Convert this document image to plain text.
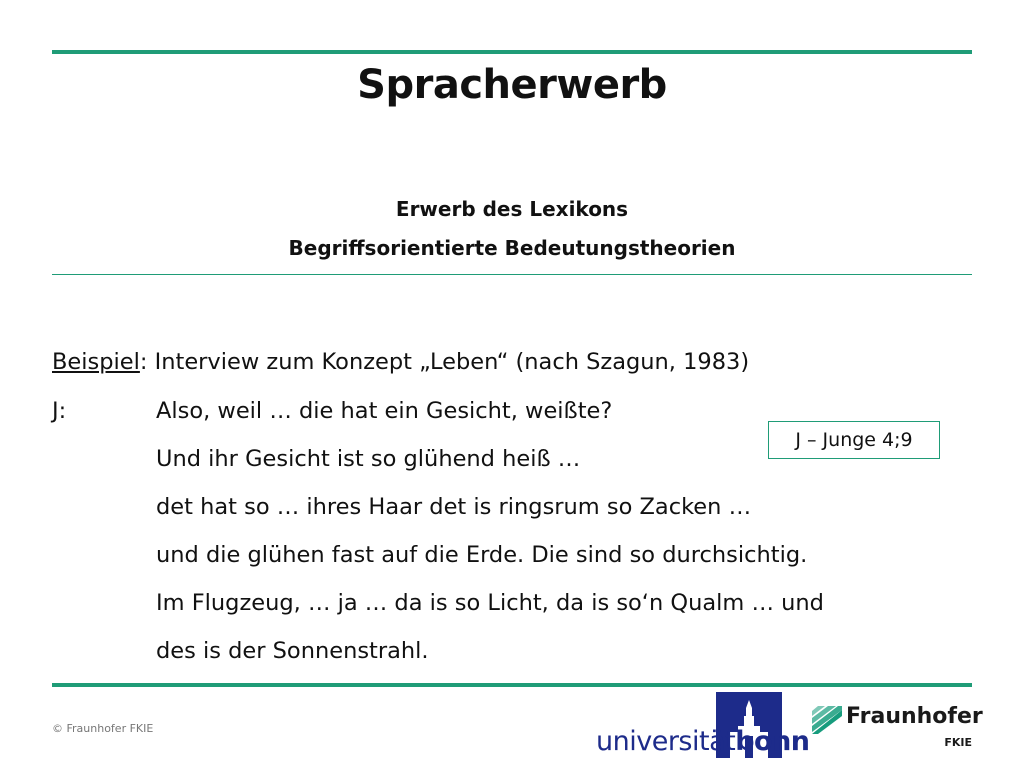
Spracherwerb
Erwerb des Lexikons
Begriffsorientierte Bedeutungstheorien
Beispiel: Interview zum Konzept „Leben“ (nach Szagun, 1983)
J:	Also, weil … die hat ein Gesicht, weißte?
Und ihr Gesicht ist so glühend heiß …
det hat so … ihres Haar det is ringsrum so Zacken …
und die glühen fast auf die Erde. Die sind so durchsichtig.
Im Flugzeug, … ja … da is so Licht, da is so‘n Qualm … und
des is der Sonnenstrahl.
J – Junge 4;9
© Fraunhofer FKIE	universitätbonn
Fraunhofer
FKIE
